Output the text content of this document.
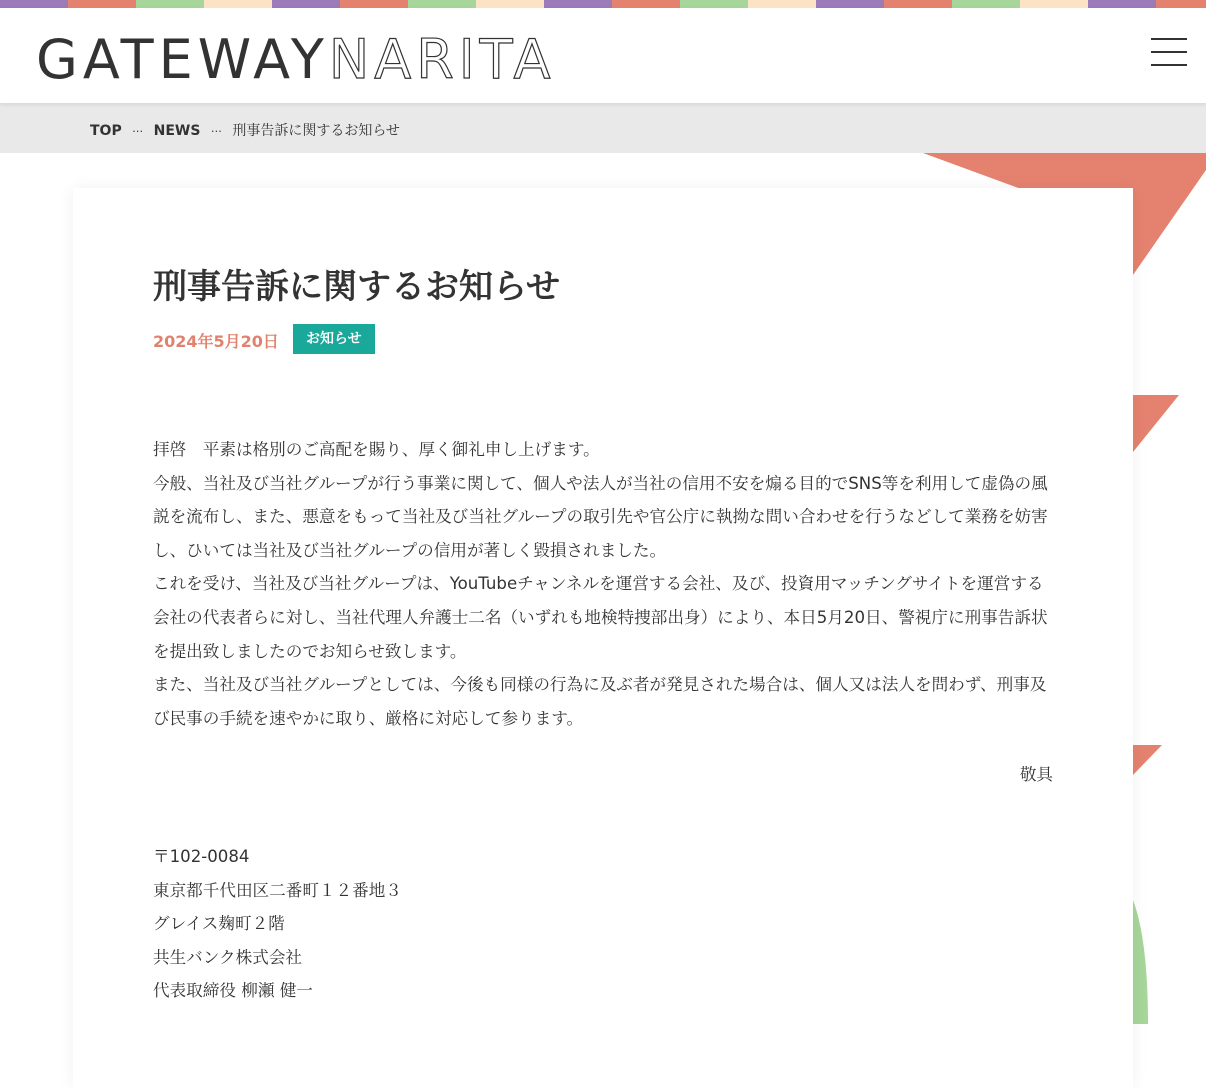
GATEWAYNARITA
TOP … NEWS … 刑事告訴に関するお知らせ
刑事告訴に関するお知らせ
2024年5月20日	お知らせ

拝啓　平素は格別のご高配を賜り、厚く御礼申し上げます。

今般、当社及び当社グループが行う事業に関して、個人や法人が当社の信用不安を煽る目的でSNS等を利用して虚偽の風説を流布し、また、悪意をもって当社及び当社グループの取引先や官公庁に執拗な問い合わせを行うなどして業務を妨害し、ひいては当社及び当社グループの信用が著しく毀損されました。

これを受け、当社及び当社グループは、YouTubeチャンネルを運営する会社、及び、投資用マッチングサイトを運営する会社の代表者らに対し、当社代理人弁護士二名（いずれも地検特捜部出身）により、本日5月20日、警視庁に刑事告訴状を提出致しましたのでお知らせ致します。

また、当社及び当社グループとしては、今後も同様の行為に及ぶ者が発見された場合は、個人又は法人を問わず、刑事及び民事の手続を速やかに取り、厳格に対応して参ります。

敬具

〒102-0084

東京都千代田区二番町１２番地３

グレイス麹町２階

共生バンク株式会社

代表取締役 柳瀬 健一
